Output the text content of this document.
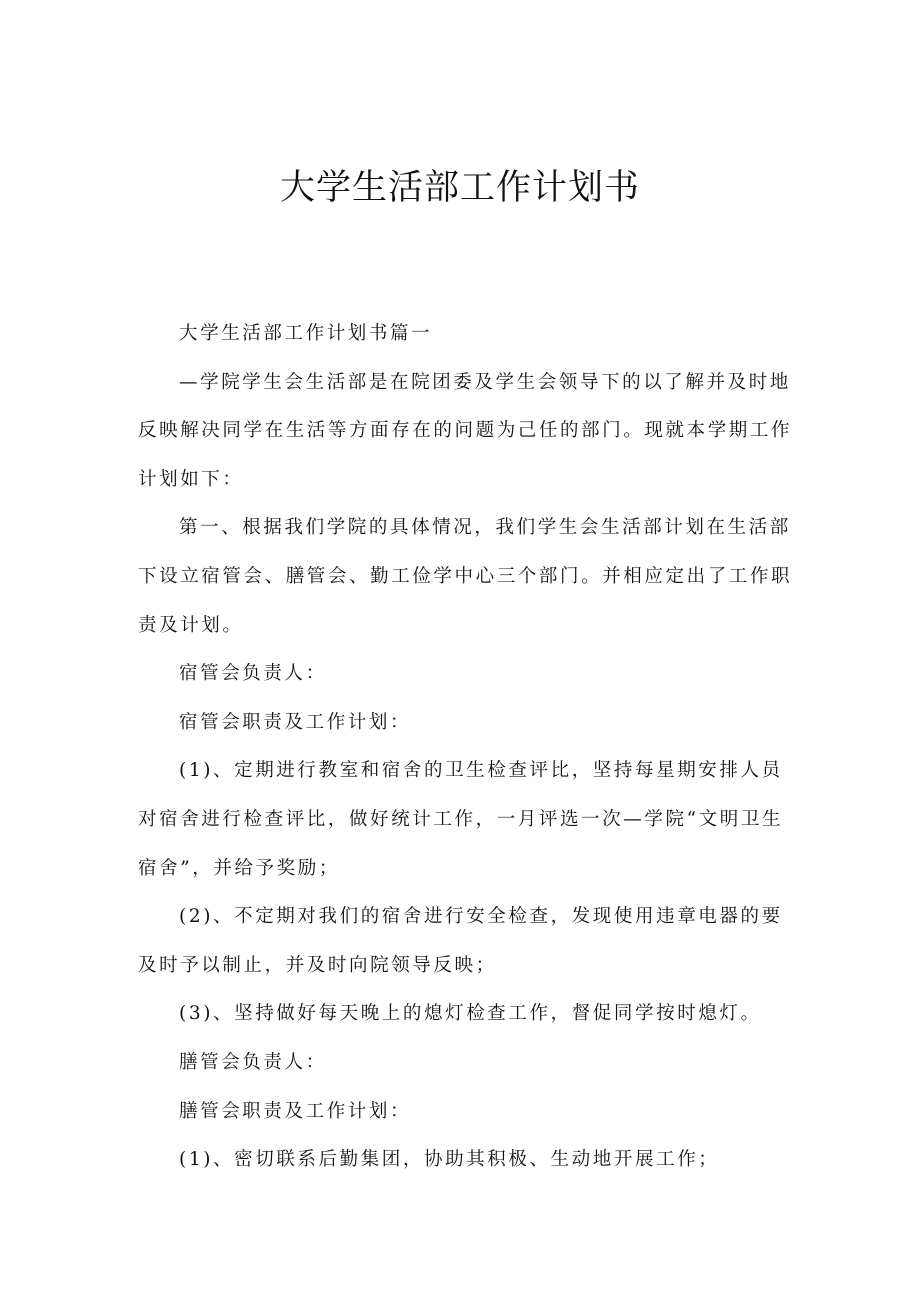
大学生活部工作计划书

大学生活部工作计划书篇一

—学院学生会生活部是在院团委及学生会领导下的以了解并及时地反映解决同学在生活等方面存在的问题为己任的部门。现就本学期工作计划如下：

第一、根据我们学院的具体情况，我们学生会生活部计划在生活部下设立宿管会、膳管会、勤工俭学中心三个部门。并相应定出了工作职责及计划。

宿管会负责人：

宿管会职责及工作计划：

(1)、定期进行教室和宿舍的卫生检查评比，坚持每星期安排人员对宿舍进行检查评比，做好统计工作，一月评选一次—学院“文明卫生宿舍”，并给予奖励；

(2)、不定期对我们的宿舍进行安全检查，发现使用违章电器的要及时予以制止，并及时向院领导反映；

(3)、坚持做好每天晚上的熄灯检查工作，督促同学按时熄灯。

膳管会负责人：

膳管会职责及工作计划：

(1)、密切联系后勤集团，协助其积极、生动地开展工作；
